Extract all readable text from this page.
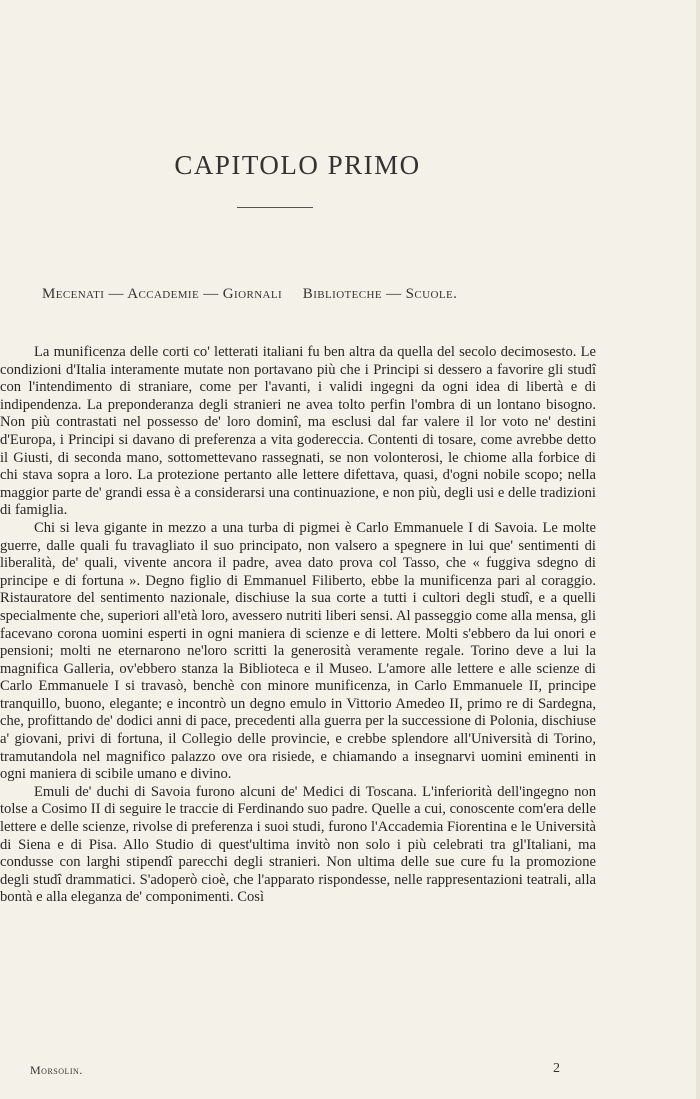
CAPITOLO PRIMO
Mecenati — Accademie — Giornali     Biblioteche — Scuole.

La munificenza delle corti co' letterati italiani fu ben altra da quella del secolo decimosesto. Le condizioni d'Italia interamente mutate non portavano più che i Principi si dessero a favorire gli studî con l'intendimento di straniare, come per l'avanti, i validi ingegni da ogni idea di libertà e di indipendenza. La preponderanza degli stranieri ne avea tolto perfin l'ombra di un lontano bisogno. Non più contrastati nel possesso de' loro dominî, ma esclusi dal far valere il lor voto ne' destini d'Europa, i Principi si davano di preferenza a vita godereccia. Contenti di tosare, come avrebbe detto il Giusti, di seconda mano, sottomettevano rassegnati, se non volonterosi, le chiome alla forbice di chi stava sopra a loro. La protezione pertanto alle lettere difettava, quasi, d'ogni nobile scopo; nella maggior parte de' grandi essa è a considerarsi una continuazione, e non più, degli usi e delle tradizioni di famiglia.

Chi si leva gigante in mezzo a una turba di pigmei è Carlo Emmanuele I di Savoia. Le molte guerre, dalle quali fu travagliato il suo principato, non valsero a spegnere in lui que' sentimenti di liberalità, de' quali, vivente ancora il padre, avea dato prova col Tasso, che « fuggiva sdegno di principe e di fortuna ». Degno figlio di Emmanuel Filiberto, ebbe la munificenza pari al coraggio. Ristauratore del sentimento nazionale, dischiuse la sua corte a tutti i cultori degli studî, e a quelli specialmente che, superiori all'età loro, avessero nutriti liberi sensi. Al passeggio come alla mensa, gli facevano corona uomini esperti in ogni maniera di scienze e di lettere. Molti s'ebbero da lui onori e pensioni; molti ne eternarono ne'loro scritti la generosità veramente regale. Torino deve a lui la magnifica Galleria, ov'ebbero stanza la Biblioteca e il Museo. L'amore alle lettere e alle scienze di Carlo Emmanuele I si travasò, benchè con minore munificenza, in Carlo Emmanuele II, principe tranquillo, buono, elegante; e incontrò un degno emulo in Vittorio Amedeo II, primo re di Sardegna, che, profittando de' dodici anni di pace, precedenti alla guerra per la successione di Polonia, dischiuse a' giovani, privi di fortuna, il Collegio delle provincie, e crebbe splendore all'Università di Torino, tramutandola nel magnifico palazzo ove ora risiede, e chiamando a insegnarvi uomini eminenti in ogni maniera di scibile umano e divino.

Emuli de' duchi di Savoia furono alcuni de' Medici di Toscana. L'inferiorità dell'ingegno non tolse a Cosimo II di seguire le traccie di Ferdinando suo padre. Quelle a cui, conoscente com'era delle lettere e delle scienze, rivolse di preferenza i suoi studi, furono l'Accademia Fiorentina e le Università di Siena e di Pisa. Allo Studio di quest'ultima invitò non solo i più celebrati tra gl'Italiani, ma condusse con larghi stipendî parecchi degli stranieri. Non ultima delle sue cure fu la promozione degli studî drammatici. S'adoperò cioè, che l'apparato rispondesse, nelle rappresentazioni teatrali, alla bontà e alla eleganza de' componimenti. Così

Morsolin.	2
